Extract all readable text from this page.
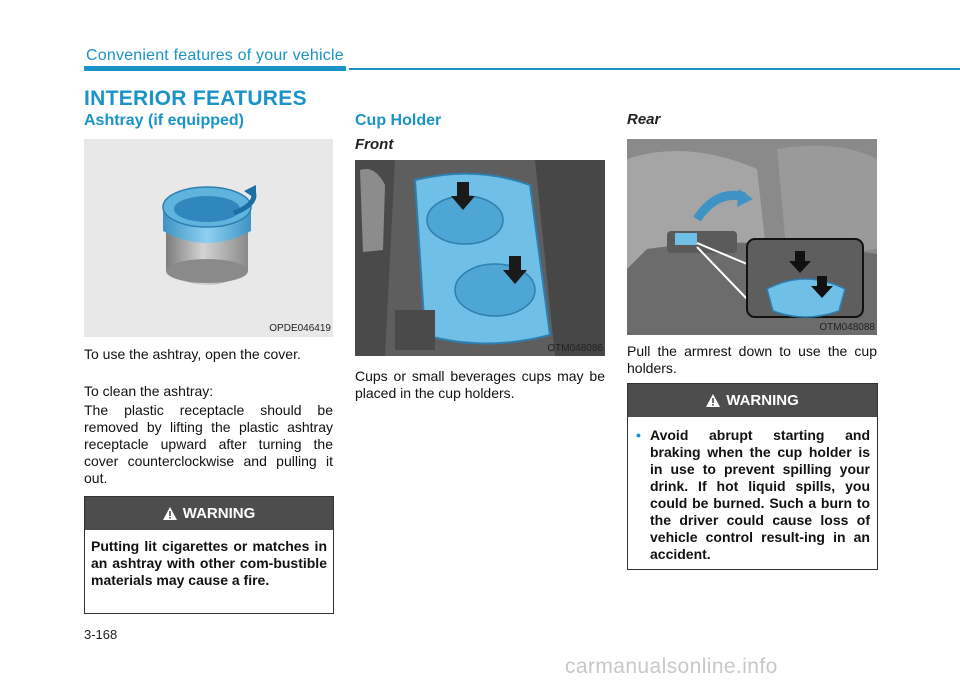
Convenient features of your vehicle
INTERIOR FEATURES
Ashtray (if equipped)
OPDE046419
To use the ashtray, open the cover.
To clean the ashtray:
The plastic receptacle should be removed by lifting the plastic ashtray receptacle upward after turning the cover counterclockwise and pulling it out.
WARNING
Putting lit cigarettes or matches in an ashtray with other com-bustible materials may cause a fire.
Cup Holder
Front
OTM048086
Cups or small beverages cups may be placed in the cup holders.
Rear
OTM048088
Pull the armrest down to use the cup holders.
WARNING
• Avoid abrupt starting and braking when the cup holder is in use to prevent spilling your drink. If hot liquid spills, you could be burned. Such a burn to the driver could cause loss of vehicle control result-ing in an accident.
3-168
carmanualsonline.info
